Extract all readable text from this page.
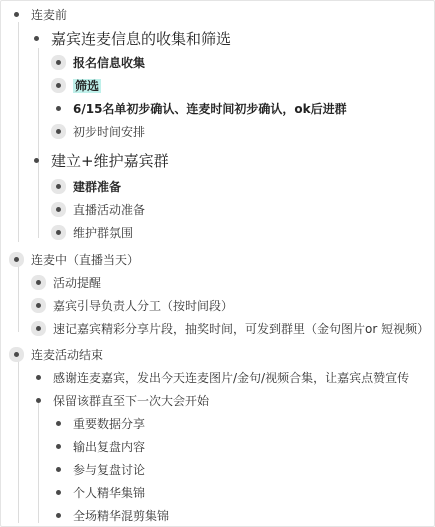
连麦前
嘉宾连麦信息的收集和筛选
报名信息收集
筛选
6/15名单初步确认、连麦时间初步确认，ok后进群
初步时间安排
建立+维护嘉宾群
建群准备
直播活动准备
维护群氛围
连麦中（直播当天）
活动提醒
嘉宾引导负责人分工（按时间段）
速记嘉宾精彩分享片段，抽奖时间，可发到群里（金句图片or 短视频）
连麦活动结束
感谢连麦嘉宾，发出今天连麦图片/金句/视频合集，让嘉宾点赞宣传
保留该群直至下一次大会开始
重要数据分享
输出复盘内容
参与复盘讨论
个人精华集锦
全场精华混剪集锦
